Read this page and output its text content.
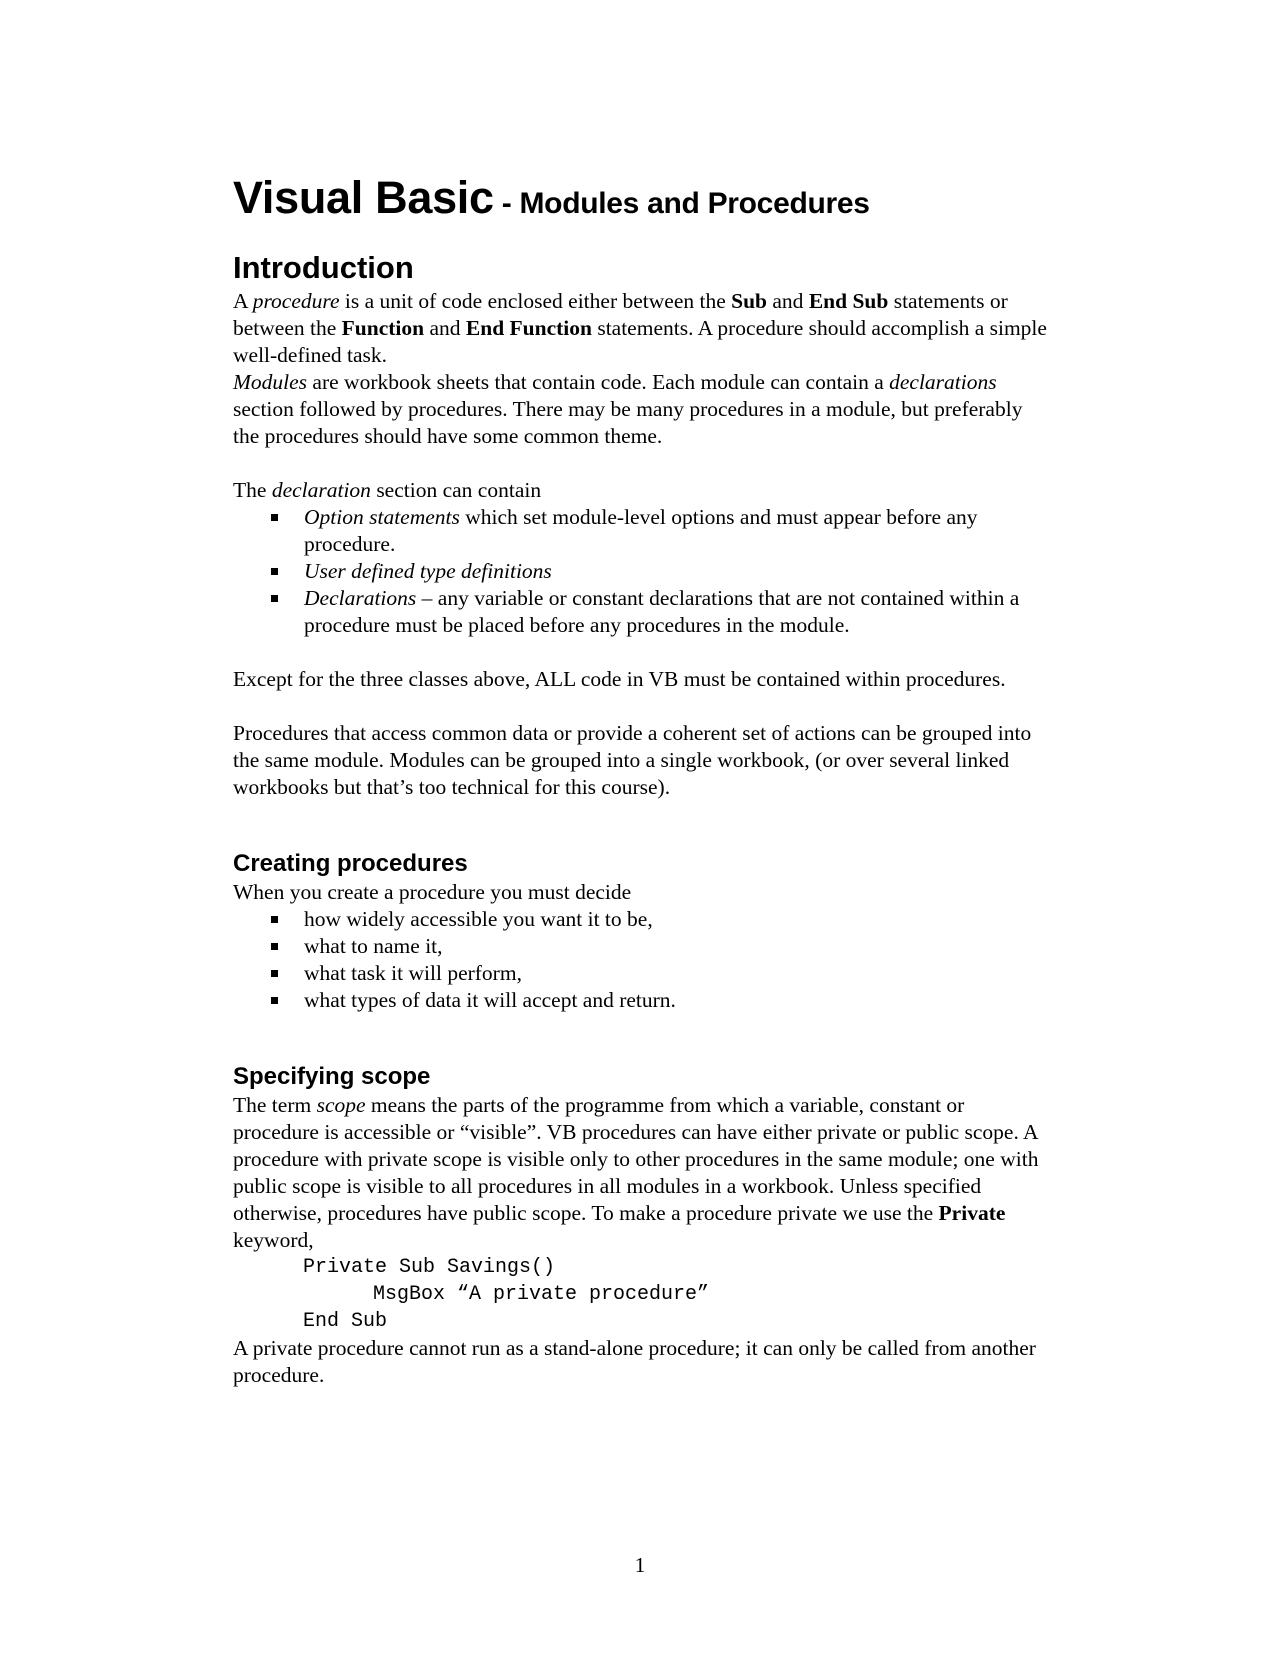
Visual Basic - Modules and Procedures
Introduction

A procedure is a unit of code enclosed either between the Sub and End Sub statements or between the Function and End Function statements. A procedure should accomplish a simple well-defined task.

Modules are workbook sheets that contain code. Each module can contain a declarations section followed by procedures. There may be many procedures in a module, but preferably the procedures should have some common theme.

The declaration section can contain

Option statements which set module-level options and must appear before any procedure.
User defined type definitions
Declarations – any variable or constant declarations that are not contained within a procedure must be placed before any procedures in the module.

Except for the three classes above, ALL code in VB must be contained within procedures.

Procedures that access common data or provide a coherent set of actions can be grouped into the same module. Modules can be grouped into a single workbook, (or over several linked workbooks but that’s too technical for this course).

Creating procedures

When you create a procedure you must decide

how widely accessible you want it to be,
what to name it,
what task it will perform,
what types of data it will accept and return.
Specifying scope

The term scope means the parts of the programme from which a variable, constant or procedure is accessible or “visible”. VB procedures can have either private or public scope. A procedure with private scope is visible only to other procedures in the same module; one with public scope is visible to all procedures in all modules in a workbook. Unless specified otherwise, procedures have public scope. To make a procedure private we use the Private keyword,

Private Sub Savings()
MsgBox “A private procedure”
End Sub

A private procedure cannot run as a stand-alone procedure; it can only be called from another procedure.

1
